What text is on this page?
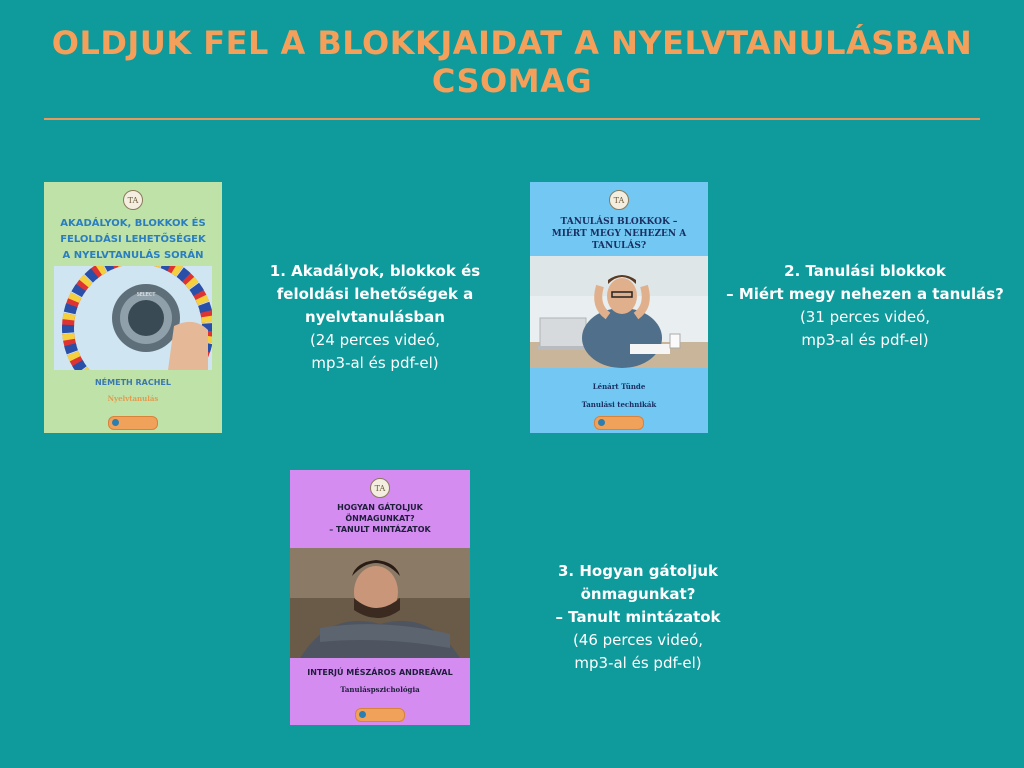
OLDJUK FEL A BLOKKJAIDAT A NYELVTANULÁSBAN
CSOMAG
TA
AKADÁLYOK, BLOKKOK ÉS
FELOLDÁSI LEHETŐSÉGEK
A NYELVTANULÁS SORÁN
SELECT
NÉMETH RACHEL
Nyelvtanulás
1. Akadályok, blokkok és
feloldási lehetőségek a
nyelvtanulásban
(24 perces videó,
mp3-al és pdf-el)
TA
TANULÁSI BLOKKOK –
MIÉRT MEGY NEHEZEN A
TANULÁS?
Lénárt Tünde
Tanulási technikák
2. Tanulási blokkok
– Miért megy nehezen a tanulás?
(31 perces videó,
mp3-al és pdf-el)
TA
HOGYAN GÁTOLJUK
ÖNMAGUNKAT?
– TANULT MINTÁZATOK
INTERJÚ MÉSZÁROS ANDREÁVAL
Tanuláspszichológia
3. Hogyan gátoljuk
önmagunkat?
– Tanult mintázatok
(46 perces videó,
mp3-al és pdf-el)
